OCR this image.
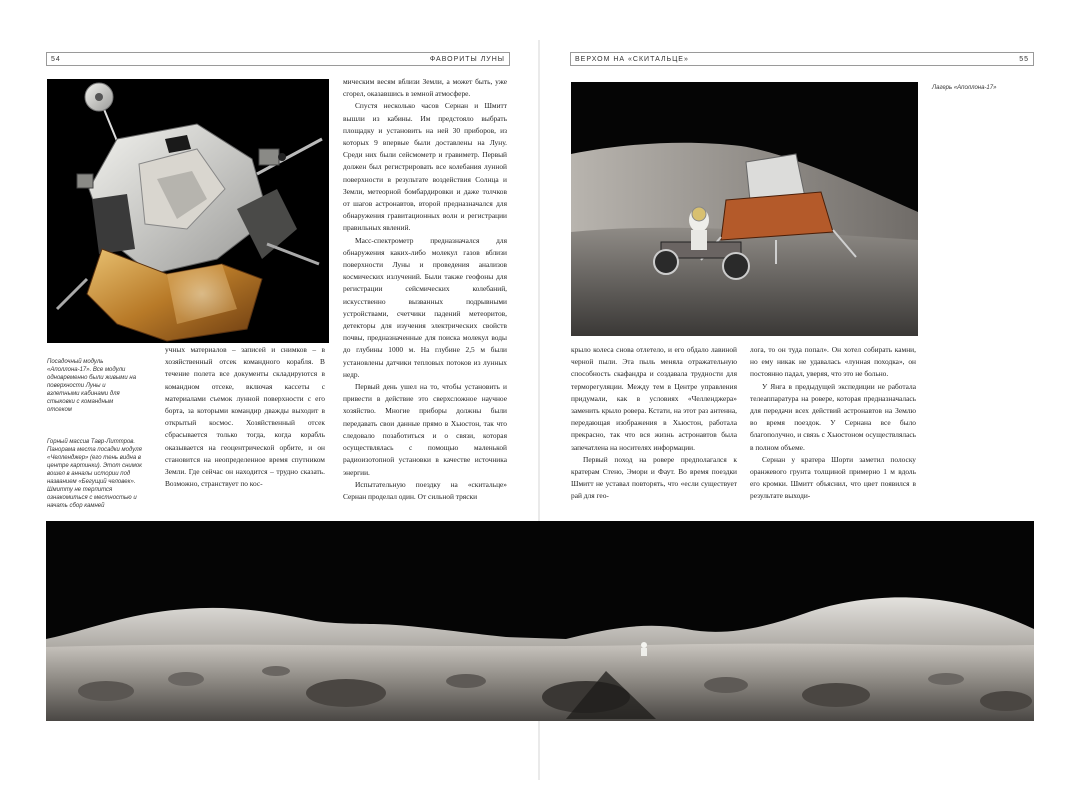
54	ФАВОРИТЫ ЛУНЫ	ВЕРХОМ НА «СКИТАЛЬЦЕ»	55
Посадочный модуль «Аполлона-17». Все модули одновременно были живыми на поверхности Луны и взлетными кабинами для стыковки с командным отсеком
Горный массив Тавр-Литтров. Панорама места посадки модуля «Челленджер» (его тень видна в центре картинки). Этот снимок вошел в анналы истории под названием «Бегущий человек». Шмитту не терпится ознакомиться с местностью и начать сбор камней

учных материалов – записей и снимков – в хозяйственный отсек командного корабля. В течение полета все документы складируются в командном отсеке, включая кассеты с материалами съемок лунной поверхности с его борта, за которыми командир дважды выходит в открытый космос. Хозяйственный отсек сбрасывается только тогда, когда корабль оказывается на геоцентрической орбите, и он становится на неопределенное время спутником Земли. Где сейчас он находится – трудно сказать. Возможно, странствует по кос-

мическим весям вблизи Земли, а может быть, уже сгорел, оказавшись в земной атмосфере.

Спустя несколько часов Сернан и Шмитт вышли из кабины. Им предстояло выбрать площадку и установить на ней 30 приборов, из которых 9 впервые были доставлены на Луну. Среди них были сейсмометр и гравиметр. Первый должен был регистрировать все колебания лунной поверхности в результате воздействия Солнца и Земли, метеорной бомбардировки и даже толчков от шагов астронавтов, второй предназначался для обнаружения гравитационных волн и регистрации правильных явлений.

Масс-спектрометр предназначался для обнаружения каких-либо молекул газов вблизи поверхности Луны и проведения анализов космических излучений. Были также геофоны для регистрации сейсмических колебаний, искусственно вызванных подрывными устройствами, счетчики падений метеоритов, детекторы для изучения электрических свойств почвы, предназначенные для поиска молекул воды до глубины 1000 м. На глубине 2,5 м были установлены датчики тепловых потоков из лунных недр.

Первый день ушел на то, чтобы установить и привести в действие это сверхсложное научное хозяйство. Многие приборы должны были передавать свои данные прямо в Хьюстон, так что следовало позаботиться и о связи, которая осуществлялась с помощью маленькой радиоизотопной установки в качестве источника энергии.

Испытательную поездку на «скитальце» Сернан проделал один. От сильной тряски

Лагерь «Аполлона-17»

крыло колеса снова отлетело, и его обдало лавиной черной пыли. Эта пыль меняла отражательную способность скафандра и создавала трудности для терморегуляции. Между тем в Центре управления придумали, как в условиях «Челленджера» заменить крыло ровера. Кстати, на этот раз антенна, передающая изображения в Хьюстон, работала прекрасно, так что вся жизнь астронавтов была запечатлена на носителях информации.

Первый поход на ровере предполагался к кратерам Стено, Эмори и Фаут. Во время поездки Шмитт не уставал повторять, что «если существует рай для гео-

лога, то он туда попал». Он хотел собирать камни, но ему никак не удавалась «лунная походка», он постоянно падал, уверяя, что это не больно.

У Янга в предыдущей экспедиции не работала телеаппаратура на ровере, которая предназначалась для передачи всех действий астронавтов на Землю во время поездок. У Сернана все было благополучно, и связь с Хьюстоном осуществлялась в полном объеме.

Сернан у кратера Шорти заметил полоску оранжевого грунта толщиной примерно 1 м вдоль его кромки. Шмитт объяснил, что цвет появился в результате выходи-
